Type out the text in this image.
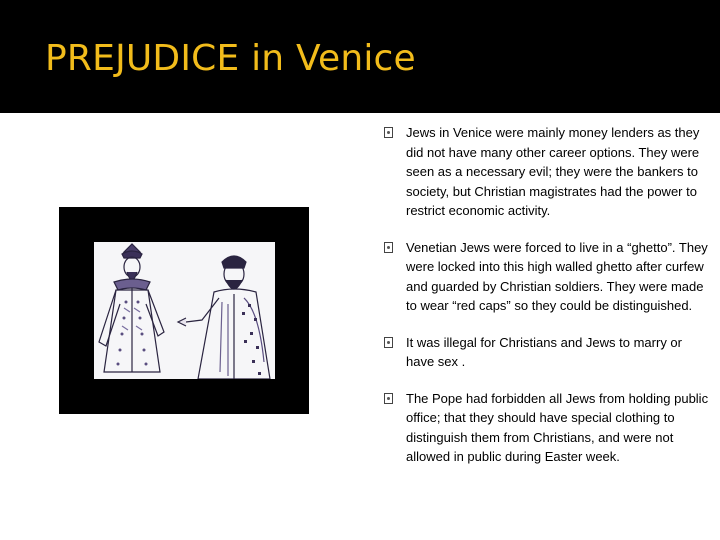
PREJUDICE in Venice
Jews in Venice were mainly money lenders as they did not have many other career options. They were seen as a necessary evil; they were the bankers to society, but Christian magistrates had the power to restrict economic activity.
Venetian Jews were forced to live in a “ghetto”. They were locked into this high walled ghetto after curfew and guarded by Christian soldiers. They were made to wear “red caps” so they could be distinguished.
It was illegal for Christians and Jews to marry or have sex .
The Pope had forbidden all Jews from holding public office; that they should have special clothing to distinguish them from Christians, and were not allowed in public during Easter week.
